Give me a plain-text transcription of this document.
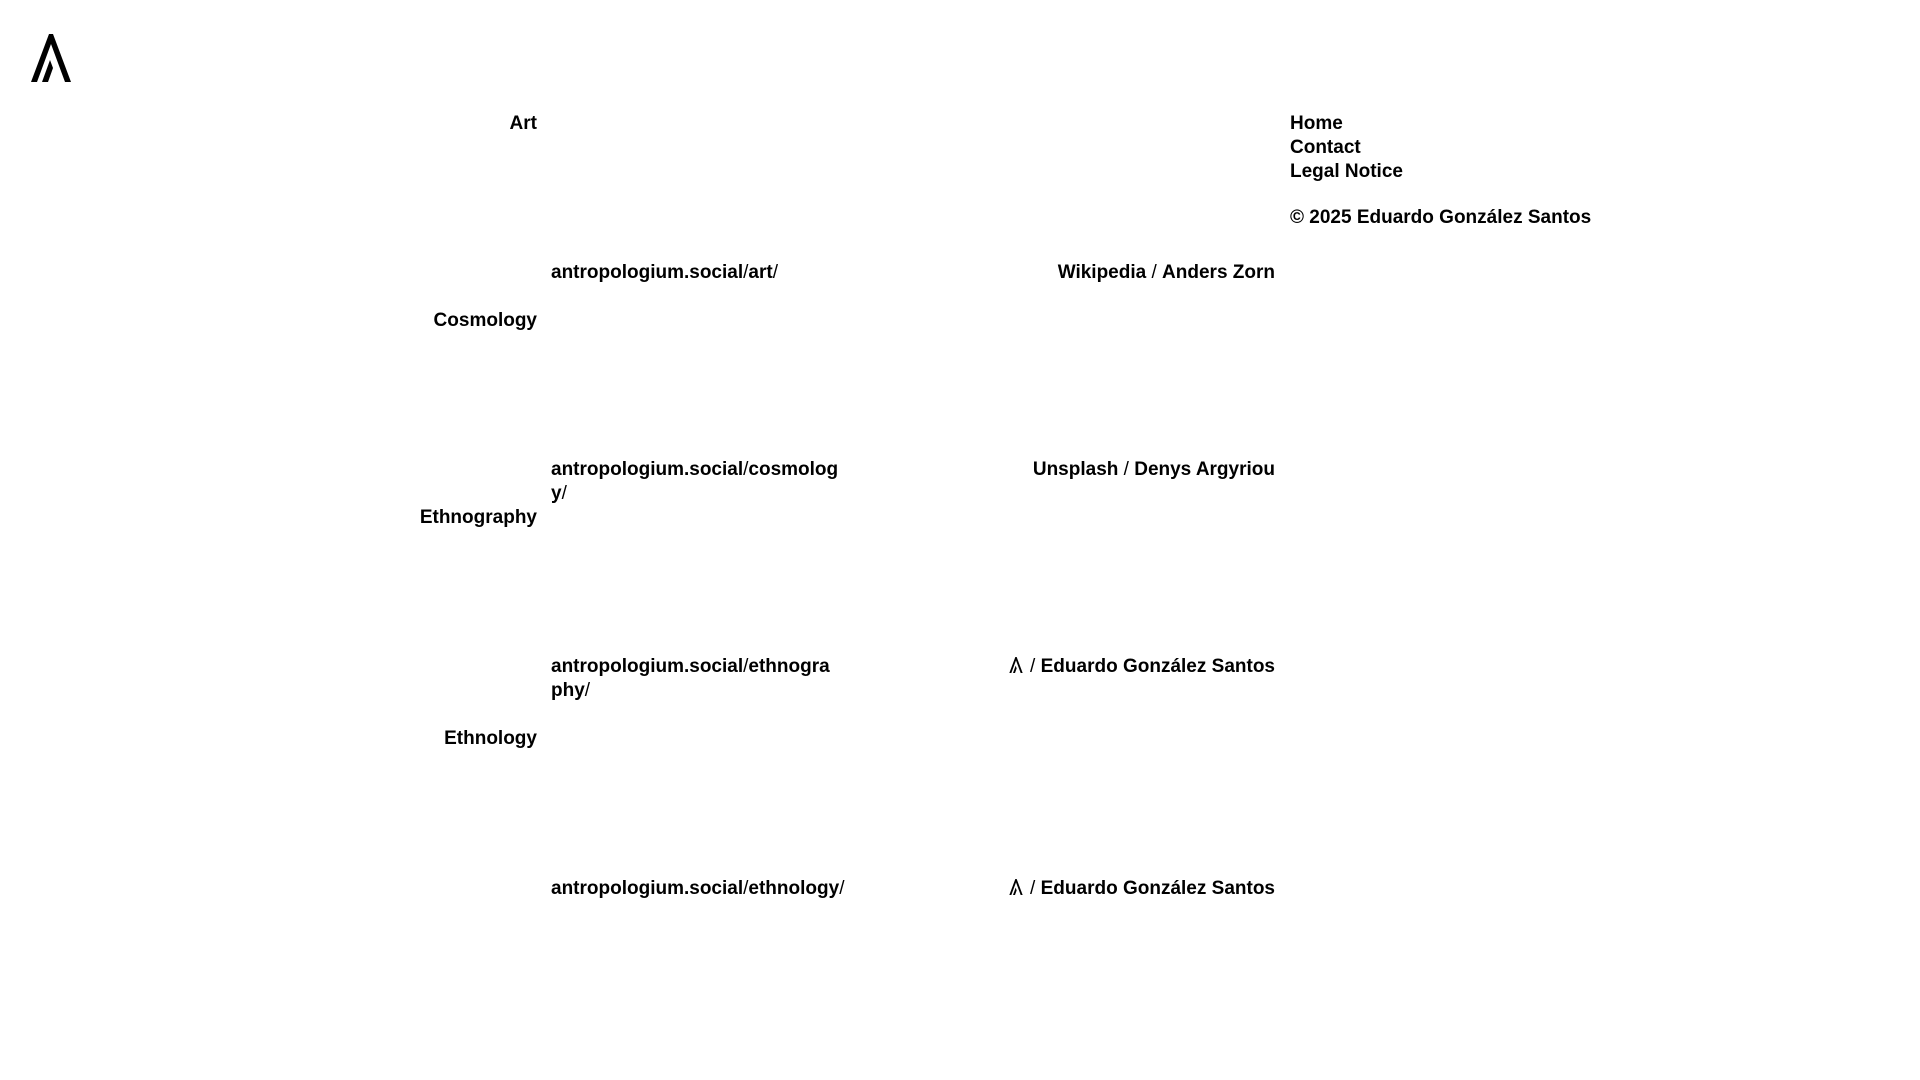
Art
antropologium.social/art/	Wikipedia / Anders Zorn
Cosmology
antropologium.social/cosmology/
Unsplash / Denys Argyriou
Ethnography
antropologium.social/ethnography/
/ Eduardo González Santos
Ethnology
antropologium.social/ethnology/	/ Eduardo González Santos
Home
Contact
Legal Notice
© 2025 Eduardo González Santos
